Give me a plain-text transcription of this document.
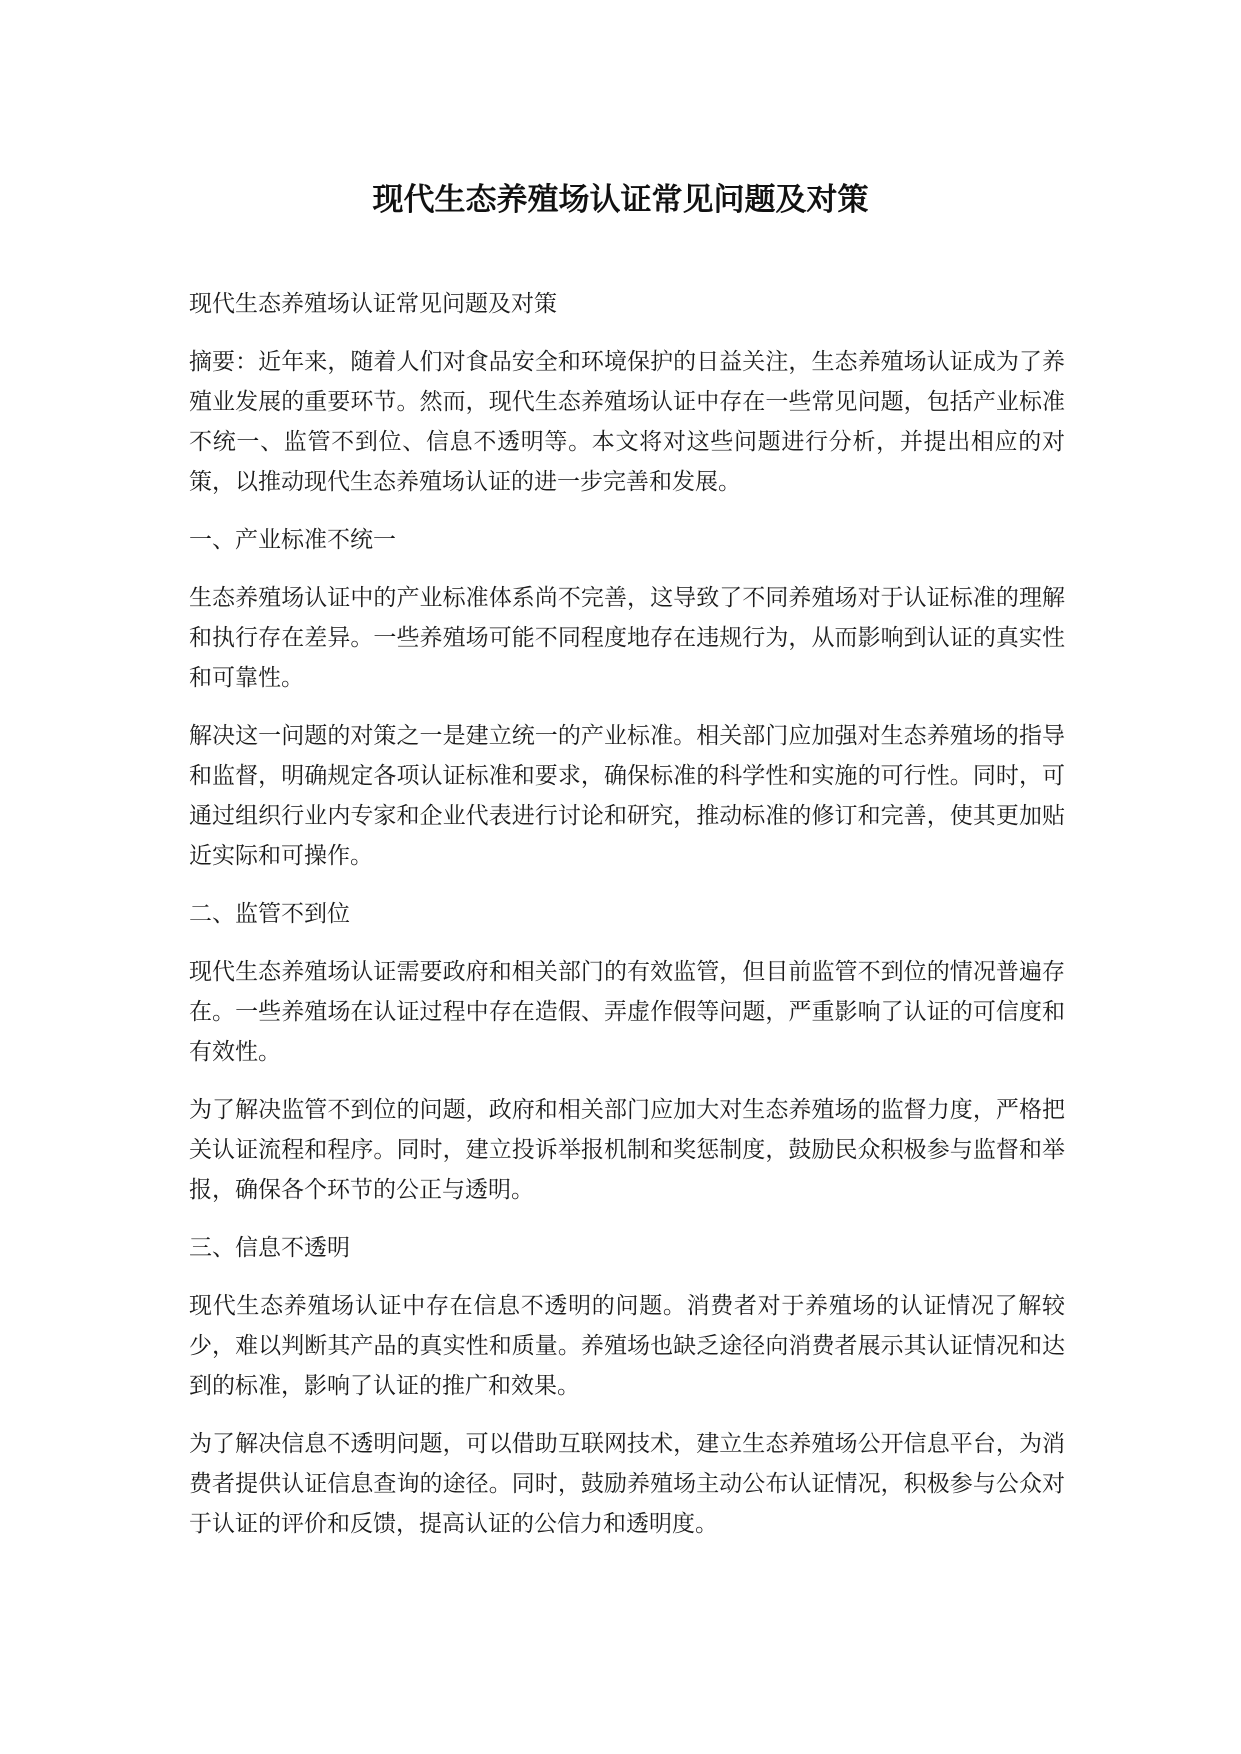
现代生态养殖场认证常见问题及对策

现代生态养殖场认证常见问题及对策

摘要：近年来，随着人们对食品安全和环境保护的日益关注，生态养殖场认证成为了养殖业发展的重要环节。然而，现代生态养殖场认证中存在一些常见问题，包括产业标准不统一、监管不到位、信息不透明等。本文将对这些问题进行分析，并提出相应的对策，以推动现代生态养殖场认证的进一步完善和发展。

一、产业标准不统一

生态养殖场认证中的产业标准体系尚不完善，这导致了不同养殖场对于认证标准的理解和执行存在差异。一些养殖场可能不同程度地存在违规行为，从而影响到认证的真实性和可靠性。

解决这一问题的对策之一是建立统一的产业标准。相关部门应加强对生态养殖场的指导和监督，明确规定各项认证标准和要求，确保标准的科学性和实施的可行性。同时，可通过组织行业内专家和企业代表进行讨论和研究，推动标准的修订和完善，使其更加贴近实际和可操作。

二、监管不到位

现代生态养殖场认证需要政府和相关部门的有效监管，但目前监管不到位的情况普遍存在。一些养殖场在认证过程中存在造假、弄虚作假等问题，严重影响了认证的可信度和有效性。

为了解决监管不到位的问题，政府和相关部门应加大对生态养殖场的监督力度，严格把关认证流程和程序。同时，建立投诉举报机制和奖惩制度，鼓励民众积极参与监督和举报，确保各个环节的公正与透明。

三、信息不透明

现代生态养殖场认证中存在信息不透明的问题。消费者对于养殖场的认证情况了解较少，难以判断其产品的真实性和质量。养殖场也缺乏途径向消费者展示其认证情况和达到的标准，影响了认证的推广和效果。

为了解决信息不透明问题，可以借助互联网技术，建立生态养殖场公开信息平台，为消费者提供认证信息查询的途径。同时，鼓励养殖场主动公布认证情况，积极参与公众对于认证的评价和反馈，提高认证的公信力和透明度。
